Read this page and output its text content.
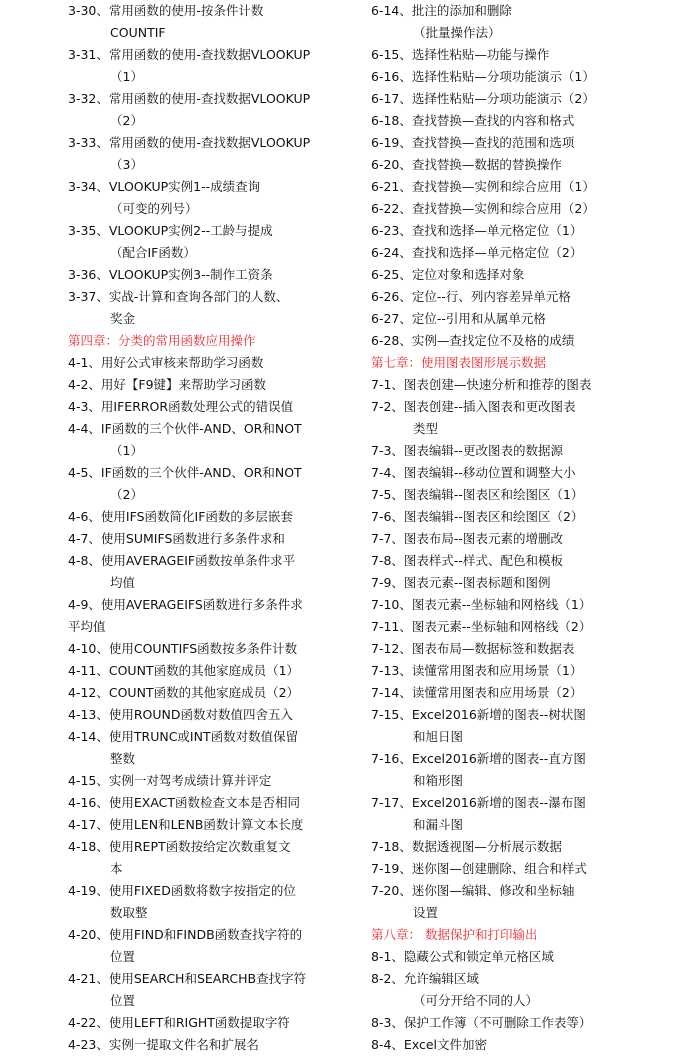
3-30、常用函数的使用-按条件计数
COUNTIF
3-31、常用函数的使用-查找数据VLOOKUP
（1）
3-32、常用函数的使用-查找数据VLOOKUP
（2）
3-33、常用函数的使用-查找数据VLOOKUP
（3）
3-34、VLOOKUP实例1--成绩查询
（可变的列号）
3-35、VLOOKUP实例2--工龄与提成
（配合IF函数）
3-36、VLOOKUP实例3--制作工资条
3-37、实战-计算和查询各部门的人数、
奖金
第四章：分类的常用函数应用操作
4-1、用好公式审核来帮助学习函数
4-2、用好【F9键】来帮助学习函数
4-3、用IFERROR函数处理公式的错误值
4-4、IF函数的三个伙伴-AND、OR和NOT
（1）
4-5、IF函数的三个伙伴-AND、OR和NOT
（2）
4-6、使用IFS函数简化IF函数的多层嵌套
4-7、使用SUMIFS函数进行多条件求和
4-8、使用AVERAGEIF函数按单条件求平
均值
4-9、使用AVERAGEIFS函数进行多条件求
平均值
4-10、使用COUNTIFS函数按多条件计数
4-11、COUNT函数的其他家庭成员（1）
4-12、COUNT函数的其他家庭成员（2）
4-13、使用ROUND函数对数值四舍五入
4-14、使用TRUNC或INT函数对数值保留
整数
4-15、实例一对驾考成绩计算并评定
4-16、使用EXACT函数检查文本是否相同
4-17、使用LEN和LENB函数计算文本长度
4-18、使用REPT函数按给定次数重复文
本
4-19、使用FIXED函数将数字按指定的位
数取整
4-20、使用FIND和FINDB函数查找字符的
位置
4-21、使用SEARCH和SEARCHB查找字符
位置
4-22、使用LEFT和RIGHT函数提取字符
4-23、实例一提取文件名和扩展名
6-14、批注的添加和删除
（批量操作法）
6-15、选择性粘贴—功能与操作
6-16、选择性粘贴—分项功能演示（1）
6-17、选择性粘贴—分项功能演示（2）
6-18、查找替换—查找的内容和格式
6-19、查找替换—查找的范围和选项
6-20、查找替换—数据的替换操作
6-21、查找替换—实例和综合应用（1）
6-22、查找替换—实例和综合应用（2）
6-23、查找和选择—单元格定位（1）
6-24、查找和选择—单元格定位（2）
6-25、定位对象和选择对象
6-26、定位--行、列内容差异单元格
6-27、定位--引用和从属单元格
6-28、实例—查找定位不及格的成绩
第七章：使用图表图形展示数据
7-1、图表创建—快速分析和推荐的图表
7-2、图表创建--插入图表和更改图表
类型
7-3、图表编辑--更改图表的数据源
7-4、图表编辑--移动位置和调整大小
7-5、图表编辑--图表区和绘图区（1）
7-6、图表编辑--图表区和绘图区（2）
7-7、图表布局--图表元素的增删改
7-8、图表样式--样式、配色和模板
7-9、图表元素--图表标题和图例
7-10、图表元素--坐标轴和网格线（1）
7-11、图表元素--坐标轴和网格线（2）
7-12、图表布局—数据标签和数据表
7-13、读懂常用图表和应用场景（1）
7-14、读懂常用图表和应用场景（2）
7-15、Excel2016新增的图表--树状图
和旭日图
7-16、Excel2016新增的图表--直方图
和箱形图
7-17、Excel2016新增的图表--瀑布图
和漏斗图
7-18、数据透视图—分析展示数据
7-19、迷你图—创建删除、组合和样式
7-20、迷你图—编辑、修改和坐标轴
设置
第八章： 数据保护和打印输出
8-1、隐藏公式和锁定单元格区域
8-2、允许编辑区域
（可分开给不同的人）
8-3、保护工作簿（不可删除工作表等）
8-4、Excel文件加密
